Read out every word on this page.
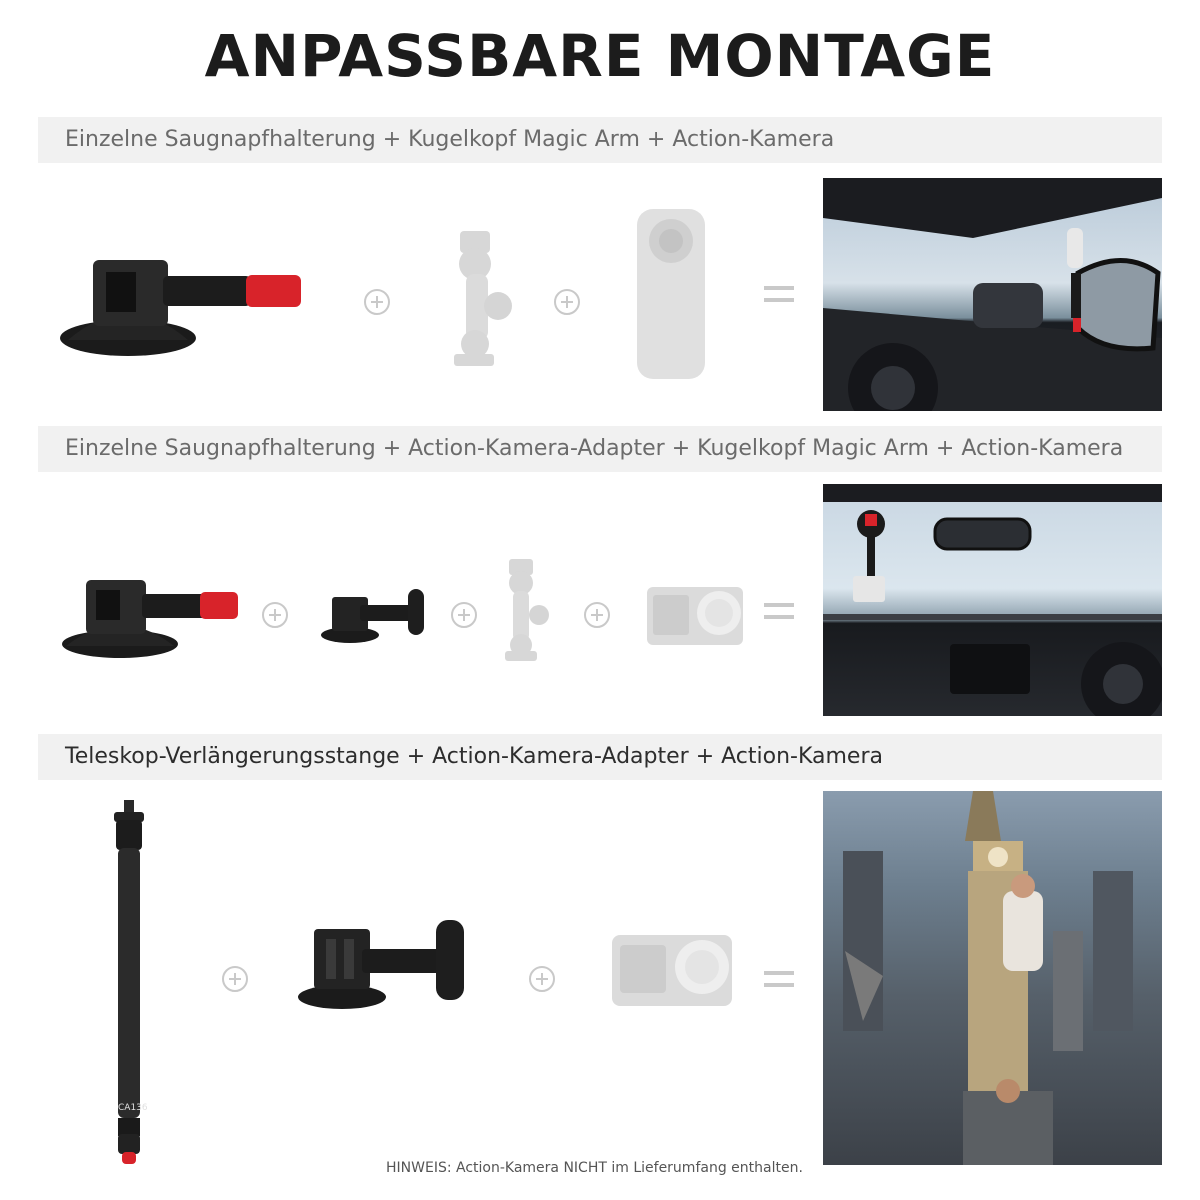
ANPASSBARE MONTAGE
Einzelne Saugnapfhalterung + Kugelkopf Magic Arm + Action-Kamera
Einzelne Saugnapfhalterung + Action-Kamera-Adapter + Kugelkopf Magic Arm + Action-Kamera
Teleskop-Verlängerungsstange + Action-Kamera-Adapter + Action-Kamera
CA136
HINWEIS: Action-Kamera NICHT im Lieferumfang enthalten.
